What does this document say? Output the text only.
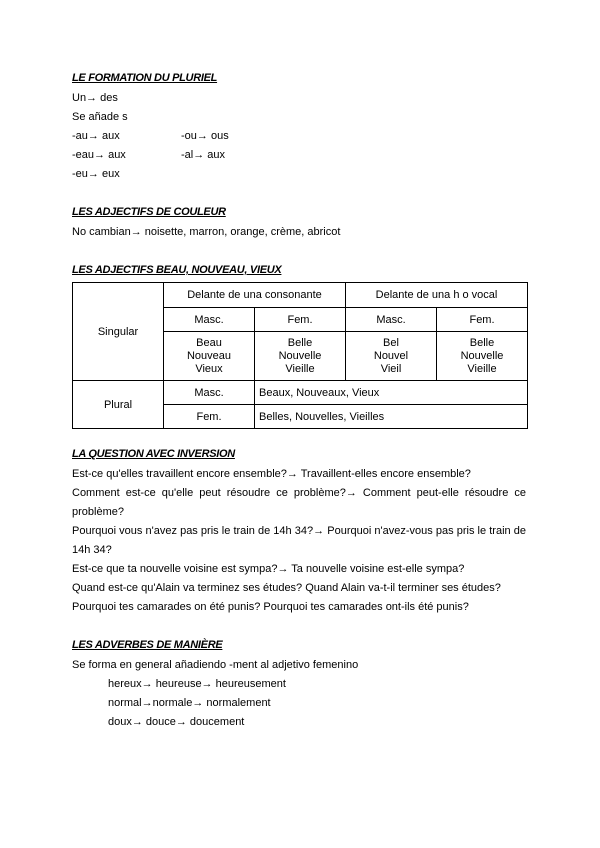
LE FORMATION DU PLURIEL
Un→ des
Se añade s
-au→ aux	-ou→ ous
-eau→ aux	-al→ aux
-eu→ eux
LES ADJECTIFS DE COULEUR
No cambian→ noisette, marron, orange, crème, abricot
LES ADJECTIFS BEAU, NOUVEAU, VIEUX
Singular	Delante de una consonante		Delante de una h o vocal	
	Masc.	Fem.	Masc.	Fem.

	Beau
Nouveau
Vieux	Belle
Nouvelle
Vieille	Bel
Nouvel
Vieil	Belle
Nouvelle
Vieille

Plural	Masc.	Beaux, Nouveaux, Vieux		
	Fem.	Belles, Nouvelles, Vieilles		
LA QUESTION AVEC INVERSION
Est-ce qu'elles travaillent encore ensemble?→ Travaillent-elles encore ensemble?
Comment est-ce qu'elle peut résoudre ce problème?→ Comment peut-elle résoudre ce problème?
Pourquoi vous n'avez pas pris le train de 14h 34?→ Pourquoi n'avez-vous pas pris le train de 14h 34?
Est-ce que ta nouvelle voisine est sympa?→ Ta nouvelle voisine est-elle sympa?
Quand est-ce qu'Alain va terminez ses études? Quand Alain va-t-il terminer ses études?
Pourquoi tes camarades on été punis? Pourquoi tes camarades ont-ils été punis?
LES ADVERBES DE MANIÈRE
Se forma en general añadiendo -ment al adjetivo femenino
hereux→ heureuse→ heureusement
normal→normale→ normalement
doux→ douce→ doucement
